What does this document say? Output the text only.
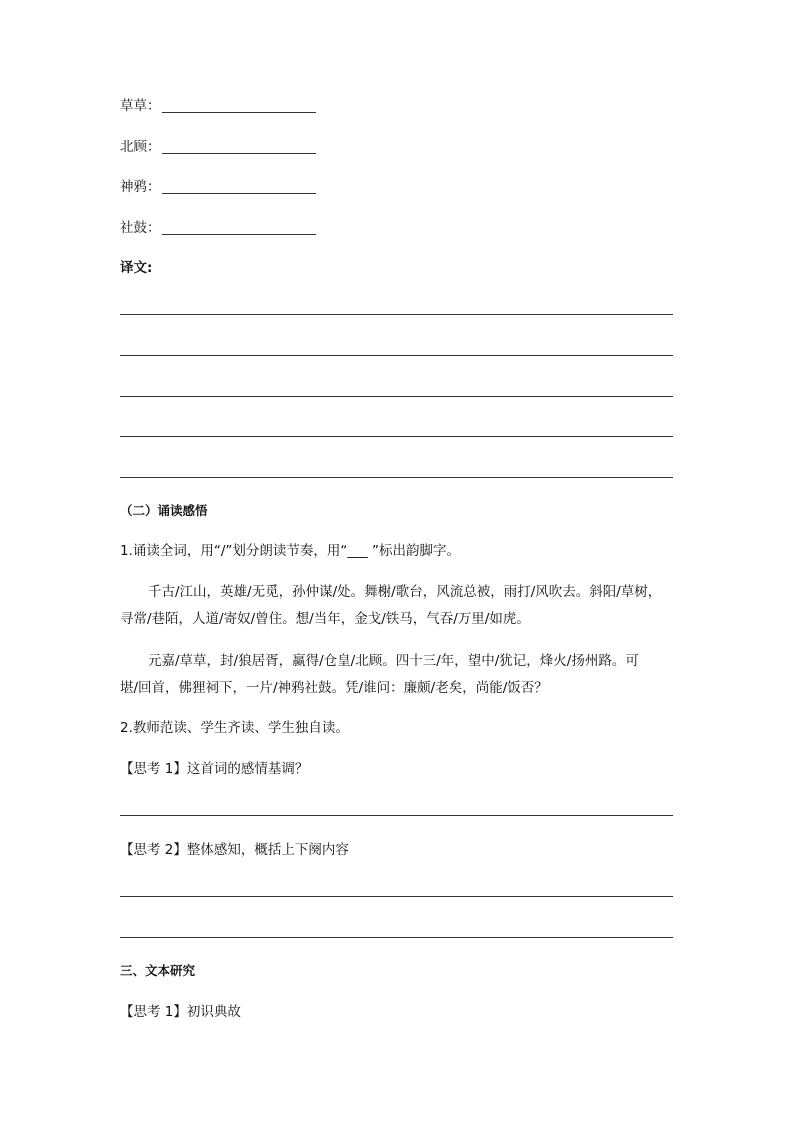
草草：
北顾：
神鸦：
社鼓：
译文:
（二）诵读感悟
1.诵读全词，用“/”划分朗读节奏，用“___ ”标出韵脚字。
千古/江山，英雄/无觅，孙仲谋/处。舞榭/歌台，风流总被，雨打/风吹去。斜阳/草树，
寻常/巷陌，人道/寄奴/曾住。想/当年，金戈/铁马，气吞/万里/如虎。
元嘉/草草，封/狼居胥，赢得/仓皇/北顾。四十三/年，望中/犹记，烽火/扬州路。可
堪/回首，佛狸祠下，一片/神鸦社鼓。凭/谁问：廉颇/老矣，尚能/饭否？
2.教师范读、学生齐读、学生独自读。
【思考 1】这首词的感情基调？
【思考 2】整体感知，概括上下阕内容
三、文本研究
【思考 1】初识典故
